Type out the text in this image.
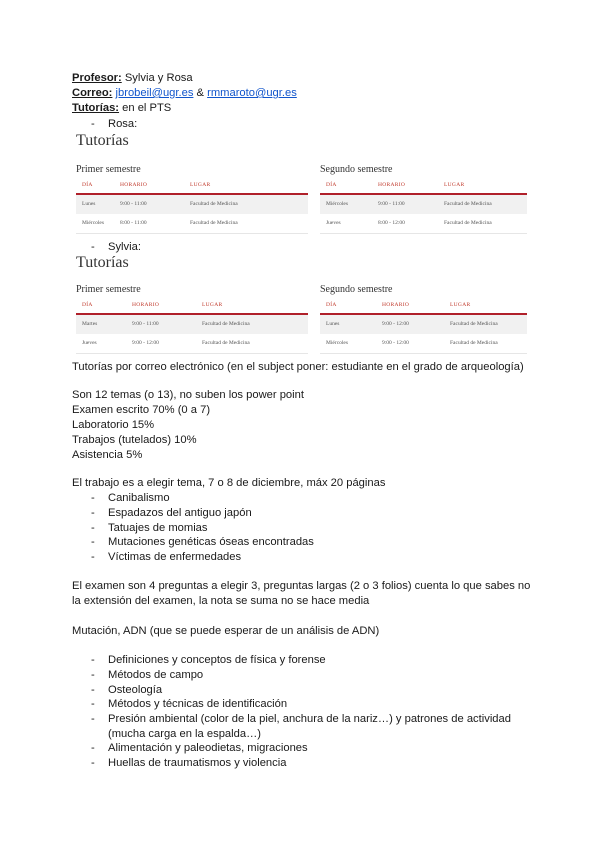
Profesor: Sylvia y Rosa
Correo: jbrobeil@ugr.es & rmmaroto@ugr.es
Tutorías: en el PTS
- Rosa:
Tutorías
Primer semestre
DÍA	HORARIO	LUGAR
Lunes	9:00 - 11:00	Facultad de Medicina
Miércoles	8:00 - 11:00	Facultad de Medicina
Segundo semestre
DÍA	HORARIO	LUGAR
Miércoles	9:00 - 11:00	Facultad de Medicina
Jueves	8:00 - 12:00	Facultad de Medicina
- Sylvia:
Tutorías
Primer semestre
DÍA	HORARIO	LUGAR
Martes	9:00 - 11:00	Facultad de Medicina
Jueves	9:00 - 12:00	Facultad de Medicina
Segundo semestre
DÍA	HORARIO	LUGAR
Lunes	9:00 - 12:00	Facultad de Medicina
Miércoles	9:00 - 12:00	Facultad de Medicina
Tutorías por correo electrónico (en el subject poner: estudiante en el grado de arqueología)
Son 12 temas (o 13), no suben los power point
Examen escrito 70% (0 a 7)
Laboratorio 15%
Trabajos (tutelados) 10%
Asistencia 5%
El trabajo es a elegir tema, 7 o 8 de diciembre, máx 20 páginas
- Canibalismo
- Espadazos del antiguo japón
- Tatuajes de momias
- Mutaciones genéticas óseas encontradas
- Víctimas de enfermedades
El examen son 4 preguntas a elegir 3, preguntas largas (2 o 3 folios) cuenta lo que sabes no
la extensión del examen, la nota se suma no se hace media
Mutación, ADN (que se puede esperar de un análisis de ADN)
- Definiciones y conceptos de física y forense
- Métodos de campo
- Osteología
- Métodos y técnicas de identificación
- Presión ambiental (color de la piel, anchura de la nariz…) y patrones de actividad
(mucha carga en la espalda…)
- Alimentación y paleodietas, migraciones
- Huellas de traumatismos y violencia
